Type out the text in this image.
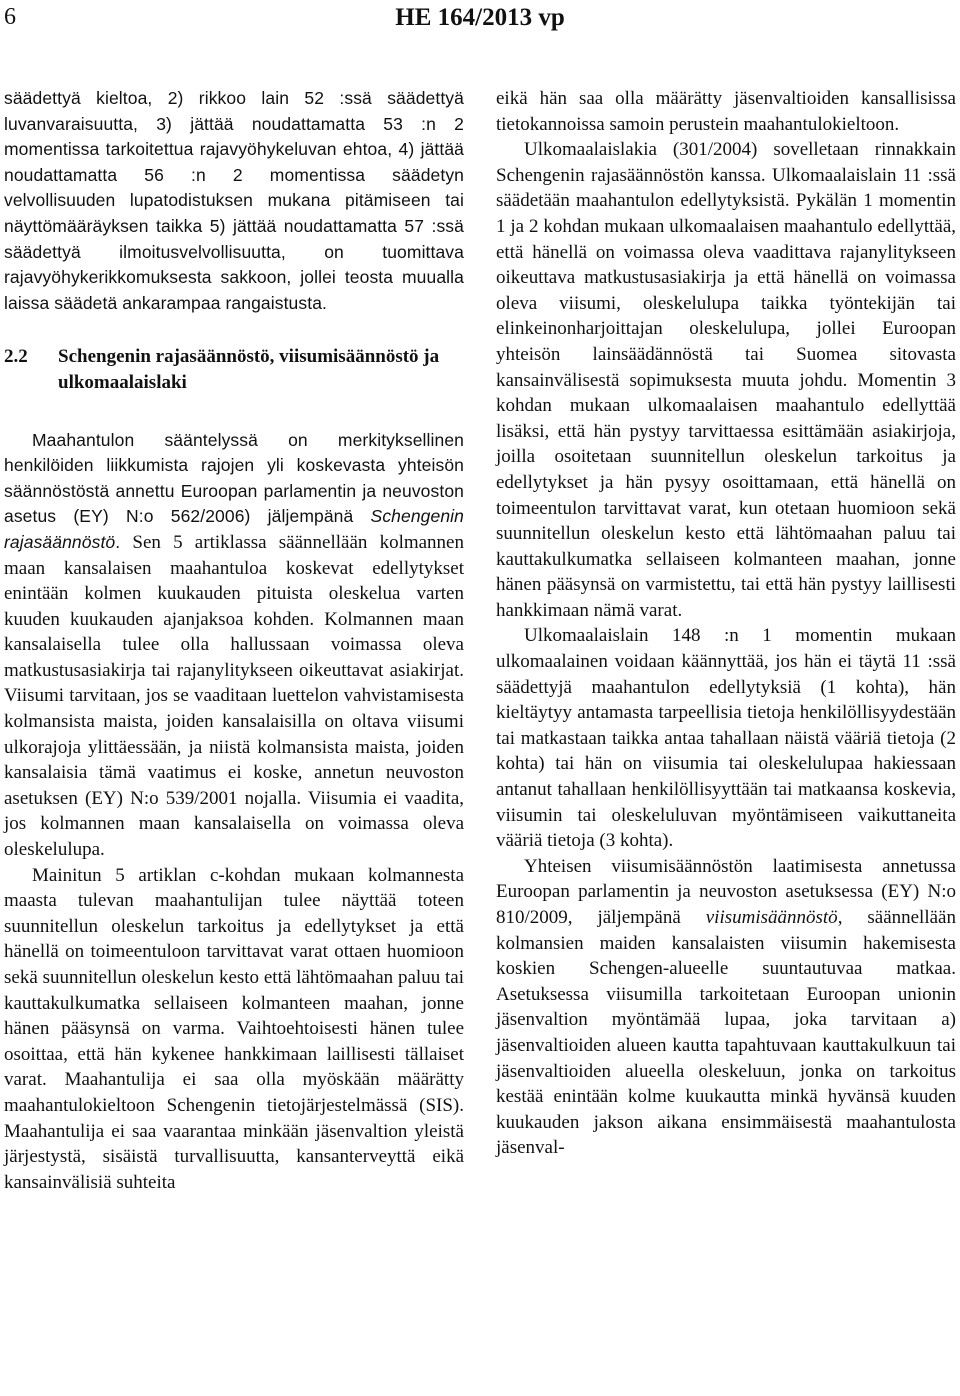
6	HE 164/2013 vp

säädettyä kieltoa, 2) rikkoo lain 52 :ssä säädettyä luvanvaraisuutta, 3) jättää noudattamatta 53 :n 2 momentissa tarkoitettua rajavyöhykeluvan ehtoa, 4) jättää noudattamatta 56 :n 2 momentissa säädetyn velvollisuuden lupatodistuksen mukana pitämiseen tai näyttömääräyksen taikka 5) jättää noudattamatta 57 :ssä säädettyä ilmoitusvelvollisuutta, on tuomittava rajavyöhykerikkomuksesta sakkoon, jollei teosta muualla laissa säädetä ankarampaa rangaistusta.

2.2	Schengenin rajasäännöstö, viisumisäännöstö ja ulkomaalaislaki

Maahantulon sääntelyssä on merkityksellinen henkilöiden liikkumista rajojen yli koskevasta yhteisön säännöstöstä annettu Euroopan parlamentin ja neuvoston asetus (EY) N:o 562/2006) jäljempänä Schengenin rajasäännöstö. Sen 5 artiklassa säännellään kolmannen maan kansalaisen maahantuloa koskevat edellytykset enintään kolmen kuukauden pituista oleskelua varten kuuden kuukauden ajanjaksoa kohden. Kolmannen maan kansalaisella tulee olla hallussaan voimassa oleva matkustusasiakirja tai rajanylitykseen oikeuttavat asiakirjat. Viisumi tarvitaan, jos se vaaditaan luettelon vahvistamisesta kolmansista maista, joiden kansalaisilla on oltava viisumi ulkorajoja ylittäessään, ja niistä kolmansista maista, joiden kansalaisia tämä vaatimus ei koske, annetun neuvoston asetuksen (EY) N:o 539/2001 nojalla. Viisumia ei vaadita, jos kolmannen maan kansalaisella on voimassa oleva oleskelulupa.

Mainitun 5 artiklan c-kohdan mukaan kolmannesta maasta tulevan maahantulijan tulee näyttää toteen suunnitellun oleskelun tarkoitus ja edellytykset ja että hänellä on toimeentuloon tarvittavat varat ottaen huomioon sekä suunnitellun oleskelun kesto että lähtömaahan paluu tai kauttakulkumatka sellaiseen kolmanteen maahan, jonne hänen pääsynsä on varma. Vaihtoehtoisesti hänen tulee osoittaa, että hän kykenee hankkimaan laillisesti tällaiset varat. Maahantulija ei saa olla myöskään määrätty maahantulokieltoon Schengenin tietojärjestelmässä (SIS). Maahantulija ei saa vaarantaa minkään jäsenvaltion yleistä järjestystä, sisäistä turvallisuutta, kansanterveyttä eikä kansainvälisiä suhteita

eikä hän saa olla määrätty jäsenvaltioiden kansallisissa tietokannoissa samoin perustein maahantulokieltoon.

Ulkomaalaislakia (301/2004) sovelletaan rinnakkain Schengenin rajasäännöstön kanssa. Ulkomaalaislain 11 :ssä säädetään maahantulon edellytyksistä. Pykälän 1 momentin 1 ja 2 kohdan mukaan ulkomaalaisen maahantulo edellyttää, että hänellä on voimassa oleva vaadittava rajanylitykseen oikeuttava matkustusasiakirja ja että hänellä on voimassa oleva viisumi, oleskelulupa taikka työntekijän tai elinkeinonharjoittajan oleskelulupa, jollei Euroopan yhteisön lainsäädännöstä tai Suomea sitovasta kansainvälisestä sopimuksesta muuta johdu. Momentin 3 kohdan mukaan ulkomaalaisen maahantulo edellyttää lisäksi, että hän pystyy tarvittaessa esittämään asiakirjoja, joilla osoitetaan suunnitellun oleskelun tarkoitus ja edellytykset ja hän pysyy osoittamaan, että hänellä on toimeentulon tarvittavat varat, kun otetaan huomioon sekä suunnitellun oleskelun kesto että lähtömaahan paluu tai kauttakulkumatka sellaiseen kolmanteen maahan, jonne hänen pääsynsä on varmistettu, tai että hän pystyy laillisesti hankkimaan nämä varat.

Ulkomaalaislain 148 :n 1 momentin mukaan ulkomaalainen voidaan käännyttää, jos hän ei täytä 11 :ssä säädettyjä maahantulon edellytyksiä (1 kohta), hän kieltäytyy antamasta tarpeellisia tietoja henkilöllisyydestään tai matkastaan taikka antaa tahallaan näistä vääriä tietoja (2 kohta) tai hän on viisumia tai oleskelulupaa hakiessaan antanut tahallaan henkilöllisyyttään tai matkaansa koskevia, viisumin tai oleskeluluvan myöntämiseen vaikuttaneita vääriä tietoja (3 kohta).

Yhteisen viisumisäännöstön laatimisesta annetussa Euroopan parlamentin ja neuvoston asetuksessa (EY) N:o 810/2009, jäljempänä viisumisäännöstö, säännellään kolmansien maiden kansalaisten viisumin hakemisesta koskien Schengen-alueelle suuntautuvaa matkaa. Asetuksessa viisumilla tarkoitetaan Euroopan unionin jäsenvaltion myöntämää lupaa, joka tarvitaan a) jäsenvaltioiden alueen kautta tapahtuvaan kauttakulkuun tai jäsenvaltioiden alueella oleskeluun, jonka on tarkoitus kestää enintään kolme kuukautta minkä hyvänsä kuuden kuukauden jakson aikana ensimmäisestä maahantulosta jäsenval-
